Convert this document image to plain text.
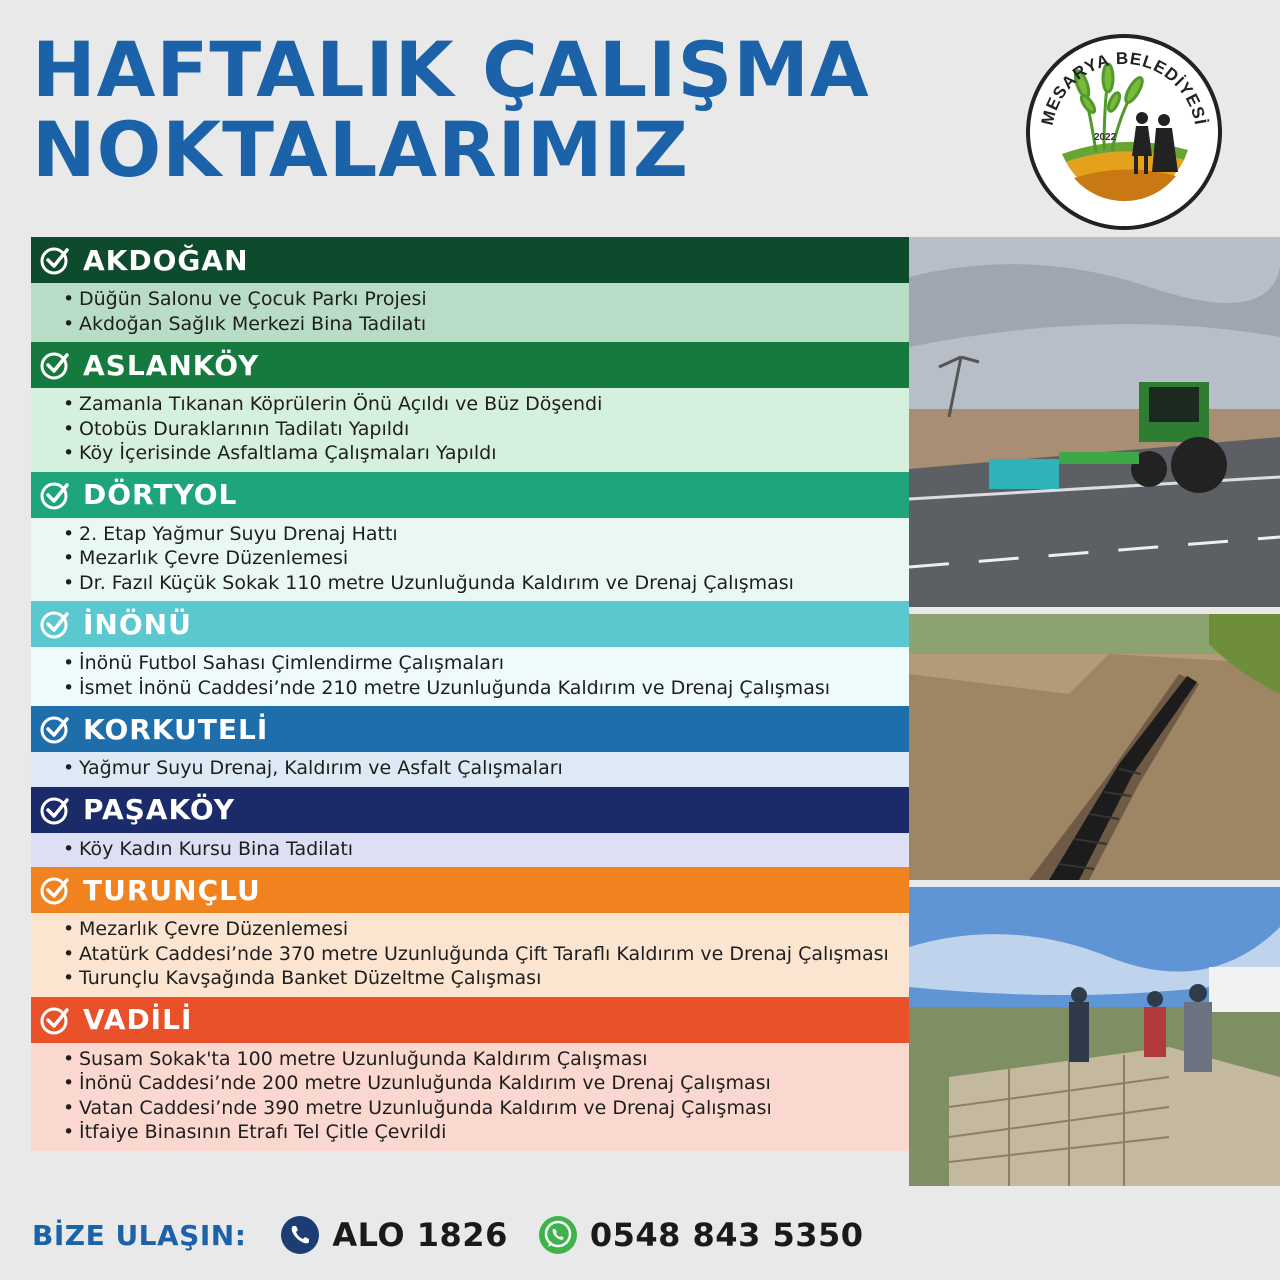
HAFTALIK ÇALIŞMA
NOKTALARIMIZ	MESARYA BELEDİYESİ
2022
AKDOĞAN
• Düğün Salonu ve Çocuk Parkı Projesi
• Akdoğan Sağlık Merkezi Bina Tadilatı
ASLANKÖY
• Zamanla Tıkanan Köprülerin Önü Açıldı ve Büz Döşendi
• Otobüs Duraklarının Tadilatı Yapıldı
• Köy İçerisinde Asfaltlama Çalışmaları Yapıldı
DÖRTYOL
• 2. Etap Yağmur Suyu Drenaj Hattı
• Mezarlık Çevre Düzenlemesi
• Dr. Fazıl Küçük Sokak 110 metre Uzunluğunda Kaldırım ve Drenaj Çalışması
İNÖNÜ
• İnönü Futbol Sahası Çimlendirme Çalışmaları
• İsmet İnönü Caddesi’nde 210 metre Uzunluğunda Kaldırım ve Drenaj Çalışması
KORKUTELİ
• Yağmur Suyu Drenaj, Kaldırım ve Asfalt Çalışmaları
PAŞAKÖY
• Köy Kadın Kursu Bina Tadilatı
TURUNÇLU
• Mezarlık Çevre Düzenlemesi
• Atatürk Caddesi’nde 370 metre Uzunluğunda Çift Taraflı Kaldırım ve Drenaj Çalışması
• Turunçlu Kavşağında Banket Düzeltme Çalışması
VADİLİ
• Susam Sokak'ta 100 metre Uzunluğunda Kaldırım Çalışması
• İnönü Caddesi’nde 200 metre Uzunluğunda Kaldırım ve Drenaj Çalışması
• Vatan Caddesi’nde 390 metre Uzunluğunda Kaldırım ve Drenaj Çalışması
• İtfaiye Binasının Etrafı Tel Çitle Çevrildi
BİZE ULAŞIN:	ALO 1826	0548 843 5350
